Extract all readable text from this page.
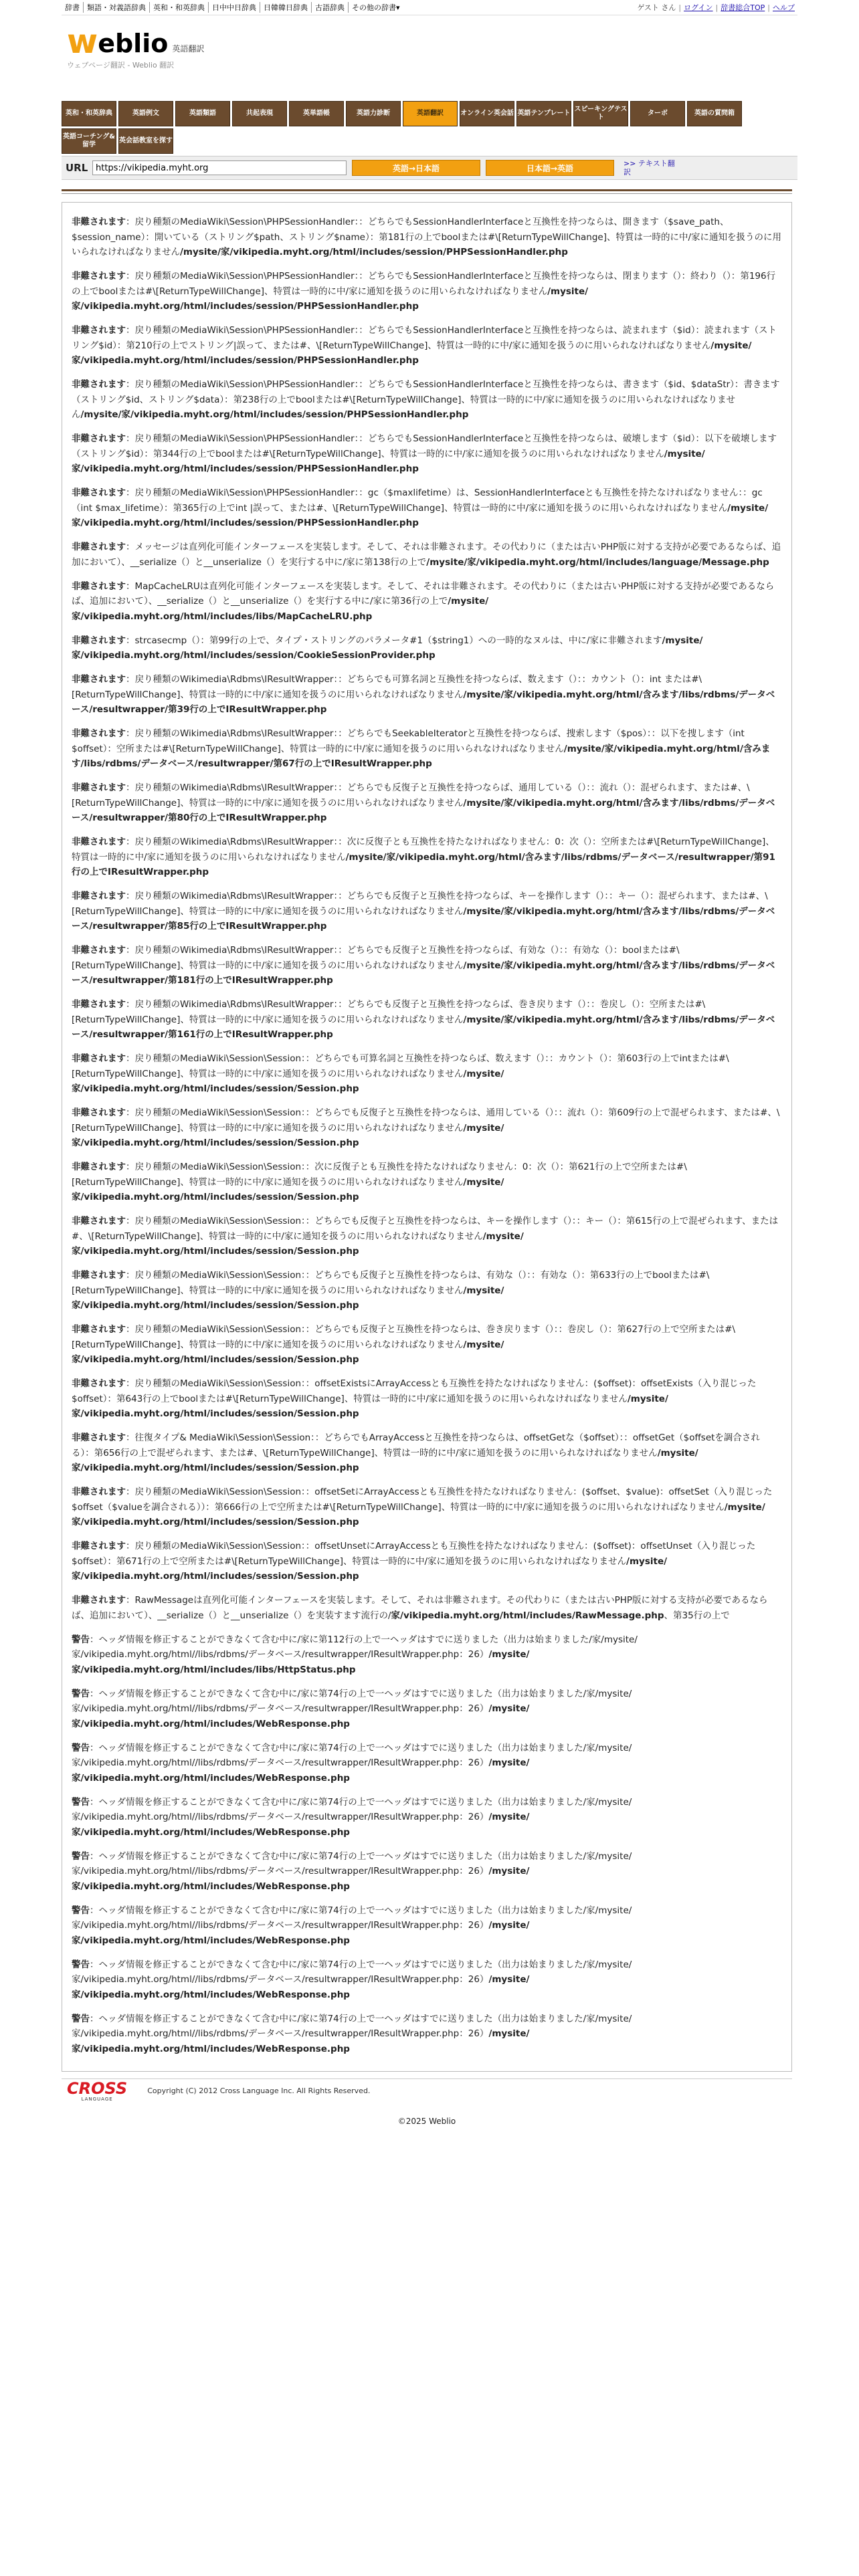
辞書	類語・対義語辞典	英和・和英辞典	日中中日辞典	日韓韓日辞典	古語辞典	その他の辞書▾	ゲスト さん | ログイン | 辞書総合TOP | ヘルプ
w eblio 英語翻訳
ウェブページ翻訳 - Weblio 翻訳
英和・和英辞典	英語例文	英語類語	共起表現	英単語帳	英語力診断	英語翻訳	オンライン英会話 英語テンプレート
スピーキングテスト
ターボ	英語の質問箱
英語コーチング&留学
英会話教室を探す
URL
https://vikipedia.myht.org	英語→日本語	日本語→英語	>> テキスト翻
訳

非難されます：戻り種類のMediaWiki\Session\PHPSessionHandler：：どちらでもSessionHandlerInterfaceと互換性を持つならは、開きます（$save_path、$session_name）：開いている（ストリング$path、ストリング$name）：第181行の上でboolまたは#\[ReturnTypeWillChange]、特質は一時的に中/家に通知を扱うのに用いられなければなりません/mysite/家/vikipedia.myht.org/html/includes/session/PHPSessionHandler.php

非難されます：戻り種類のMediaWiki\Session\PHPSessionHandler：：どちらでもSessionHandlerInterfaceと互換性を持つならは、閉まります（）：終わり（）：第196行の上でboolまたは#\[ReturnTypeWillChange]、特質は一時的に中/家に通知を扱うのに用いられなければなりません/mysite/家/vikipedia.myht.org/html/includes/session/PHPSessionHandler.php

非難されます：戻り種類のMediaWiki\Session\PHPSessionHandler：：どちらでもSessionHandlerInterfaceと互換性を持つならは、読まれます（$id）：読まれます（ストリング$id）：第210行の上でストリング|誤って、または#、\[ReturnTypeWillChange]、特質は一時的に中/家に通知を扱うのに用いられなければなりません/mysite/家/vikipedia.myht.org/html/includes/session/PHPSessionHandler.php

非難されます：戻り種類のMediaWiki\Session\PHPSessionHandler：：どちらでもSessionHandlerInterfaceと互換性を持つならは、書きます（$id、$dataStr）：書きます（ストリング$id、ストリング$data）：第238行の上でboolまたは#\[ReturnTypeWillChange]、特質は一時的に中/家に通知を扱うのに用いられなければなりません/mysite/家/vikipedia.myht.org/html/includes/session/PHPSessionHandler.php

非難されます：戻り種類のMediaWiki\Session\PHPSessionHandler：：どちらでもSessionHandlerInterfaceと互換性を持つならは、破壊します（$id）：以下を破壊します（ストリング$id）：第344行の上でboolまたは#\[ReturnTypeWillChange]、特質は一時的に中/家に通知を扱うのに用いられなければなりません/mysite/家/vikipedia.myht.org/html/includes/session/PHPSessionHandler.php

非難されます：戻り種類のMediaWiki\Session\PHPSessionHandler：：gc（$maxlifetime）は、SessionHandlerInterfaceとも互換性を持たなければなりません：：gc（int $max_lifetime）：第365行の上でint |誤って、または#、\[ReturnTypeWillChange]、特質は一時的に中/家に通知を扱うのに用いられなければなりません/mysite/家/vikipedia.myht.org/html/includes/session/PHPSessionHandler.php

非難されます：メッセージは直列化可能インターフェースを実装します。そして、それは非難されます。その代わりに（または古いPHP版に対する支持が必要であるならば、追加において）、__serialize（）と__unserialize（）を実行する中に/家に第138行の上で/mysite/家/vikipedia.myht.org/html/includes/language/Message.php

非難されます：MapCacheLRUは直列化可能インターフェースを実装します。そして、それは非難されます。その代わりに（または古いPHP版に対する支持が必要であるならば、追加において）、__serialize（）と__unserialize（）を実行する中に/家に第36行の上で/mysite/家/vikipedia.myht.org/html/includes/libs/MapCacheLRU.php

非難されます：strcasecmp（）：第99行の上で、タイプ・ストリングのパラメータ#1（$string1）への一時的なヌルは、中に/家に非難されます/mysite/家/vikipedia.myht.org/html/includes/session/CookieSessionProvider.php

非難されます：戻り種類のWikimedia\Rdbms\IResultWrapper：：どちらでも可算名詞と互換性を持つならば、数えます（）：：カウント（）：int または#\[ReturnTypeWillChange]、特質は一時的に中/家に通知を扱うのに用いられなければなりません/mysite/家/vikipedia.myht.org/html/含みます/libs/rdbms/データベース/resultwrapper/第39行の上でIResultWrapper.php

非難されます：戻り種類のWikimedia\Rdbms\IResultWrapper：：どちらでもSeekableIteratorと互換性を持つならば、捜索します（$pos）：：以下を捜します（int $offset）：空所または#\[ReturnTypeWillChange]、特質は一時的に中/家に通知を扱うのに用いられなければなりません/mysite/家/vikipedia.myht.org/html/含みます/libs/rdbms/データベース/resultwrapper/第67行の上でIResultWrapper.php

非難されます：戻り種類のWikimedia\Rdbms\IResultWrapper：：どちらでも反復子と互換性を持つならば、通用している（）：：流れ（）：混ぜられます、または#、\[ReturnTypeWillChange]、特質は一時的に中/家に通知を扱うのに用いられなければなりません/mysite/家/vikipedia.myht.org/html/含みます/libs/rdbms/データベース/resultwrapper/第80行の上でIResultWrapper.php

非難されます：戻り種類のWikimedia\Rdbms\IResultWrapper：：次に反復子とも互換性を持たなければなりません：0：次（）：空所または#\[ReturnTypeWillChange]、特質は一時的に中/家に通知を扱うのに用いられなければなりません/mysite/家/vikipedia.myht.org/html/含みます/libs/rdbms/データベース/resultwrapper/第91行の上でIResultWrapper.php

非難されます：戻り種類のWikimedia\Rdbms\IResultWrapper：：どちらでも反復子と互換性を持つならば、キーを操作します（）：：キー（）：混ぜられます、または#、\[ReturnTypeWillChange]、特質は一時的に中/家に通知を扱うのに用いられなければなりません/mysite/家/vikipedia.myht.org/html/含みます/libs/rdbms/データベース/resultwrapper/第85行の上でIResultWrapper.php

非難されます：戻り種類のWikimedia\Rdbms\IResultWrapper：：どちらでも反復子と互換性を持つならば、有効な（）：：有効な（）：boolまたは#\[ReturnTypeWillChange]、特質は一時的に中/家に通知を扱うのに用いられなければなりません/mysite/家/vikipedia.myht.org/html/含みます/libs/rdbms/データベース/resultwrapper/第181行の上でIResultWrapper.php

非難されます：戻り種類のWikimedia\Rdbms\IResultWrapper：：どちらでも反復子と互換性を持つならば、巻き戻ります（）：：巻戻し（）：空所または#\[ReturnTypeWillChange]、特質は一時的に中/家に通知を扱うのに用いられなければなりません/mysite/家/vikipedia.myht.org/html/含みます/libs/rdbms/データベース/resultwrapper/第161行の上でIResultWrapper.php

非難されます：戻り種類のMediaWiki\Session\Session：：どちらでも可算名詞と互換性を持つならば、数えます（）：：カウント（）：第603行の上でintまたは#\[ReturnTypeWillChange]、特質は一時的に中/家に通知を扱うのに用いられなければなりません/mysite/家/vikipedia.myht.org/html/includes/session/Session.php

非難されます：戻り種類のMediaWiki\Session\Session：：どちらでも反復子と互換性を持つならは、通用している（）：：流れ（）：第609行の上で混ぜられます、または#、\[ReturnTypeWillChange]、特質は一時的に中/家に通知を扱うのに用いられなければなりません/mysite/家/vikipedia.myht.org/html/includes/session/Session.php

非難されます：戻り種類のMediaWiki\Session\Session：：次に反復子とも互換性を持たなければなりません：0：次（）：第621行の上で空所または#\[ReturnTypeWillChange]、特質は一時的に中/家に通知を扱うのに用いられなければなりません/mysite/家/vikipedia.myht.org/html/includes/session/Session.php

非難されます：戻り種類のMediaWiki\Session\Session：：どちらでも反復子と互換性を持つならは、キーを操作します（）：：キー（）：第615行の上で混ぜられます、または#、\[ReturnTypeWillChange]、特質は一時的に中/家に通知を扱うのに用いられなければなりません/mysite/家/vikipedia.myht.org/html/includes/session/Session.php

非難されます：戻り種類のMediaWiki\Session\Session：：どちらでも反復子と互換性を持つならは、有効な（）：：有効な（）：第633行の上でboolまたは#\[ReturnTypeWillChange]、特質は一時的に中/家に通知を扱うのに用いられなければなりません/mysite/家/vikipedia.myht.org/html/includes/session/Session.php

非難されます：戻り種類のMediaWiki\Session\Session：：どちらでも反復子と互換性を持つならは、巻き戻ります（）：：巻戻し（）：第627行の上で空所または#\[ReturnTypeWillChange]、特質は一時的に中/家に通知を扱うのに用いられなければなりません/mysite/家/vikipedia.myht.org/html/includes/session/Session.php

非難されます：戻り種類のMediaWiki\Session\Session：：offsetExistsにArrayAccessとも互換性を持たなければなりません：($offset)：offsetExists（入り混じった$offset）：第643行の上でboolまたは#\[ReturnTypeWillChange]、特質は一時的に中/家に通知を扱うのに用いられなければなりません/mysite/家/vikipedia.myht.org/html/includes/session/Session.php

非難されます：往復タイプ& MediaWiki\Session\Session：：どちらでもArrayAccessと互換性を持つならは、offsetGetな（$offset）：：offsetGet（$offsetを調合される）：第656行の上で混ぜられます、または#、\[ReturnTypeWillChange]、特質は一時的に中/家に通知を扱うのに用いられなければなりません/mysite/家/vikipedia.myht.org/html/includes/session/Session.php

非難されます：戻り種類のMediaWiki\Session\Session：：offsetSetにArrayAccessとも互換性を持たなければなりません：($offset、$value)：offsetSet（入り混じった$offset（$valueを調合される））：第666行の上で空所または#\[ReturnTypeWillChange]、特質は一時的に中/家に通知を扱うのに用いられなければなりません/mysite/家/vikipedia.myht.org/html/includes/session/Session.php

非難されます：戻り種類のMediaWiki\Session\Session：：offsetUnsetにArrayAccessとも互換性を持たなければなりません：($offset)：offsetUnset（入り混じった$offset）：第671行の上で空所または#\[ReturnTypeWillChange]、特質は一時的に中/家に通知を扱うのに用いられなければなりません/mysite/家/vikipedia.myht.org/html/includes/session/Session.php

非難されます：RawMessageは直列化可能インターフェースを実装します。そして、それは非難されます。その代わりに（または古いPHP版に対する支持が必要であるならば、追加において）、__serialize（）と__unserialize（）を実装すます流行の/家/vikipedia.myht.org/html/includes/RawMessage.php、第35行の上で

警告：ヘッダ情報を修正することができなくて含む中に/家に第112行の上で一ヘッダはすでに送りました（出力は始まりました/家/mysite/家/vikipedia.myht.org/html//libs/rdbms/データベース/resultwrapper/IResultWrapper.php：26）/mysite/家/vikipedia.myht.org/html/includes/libs/HttpStatus.php

警告：ヘッダ情報を修正することができなくて含む中に/家に第74行の上で一ヘッダはすでに送りました（出力は始まりました/家/mysite/家/vikipedia.myht.org/html//libs/rdbms/データベース/resultwrapper/IResultWrapper.php：26）/mysite/家/vikipedia.myht.org/html/includes/WebResponse.php

警告：ヘッダ情報を修正することができなくて含む中に/家に第74行の上で一ヘッダはすでに送りました（出力は始まりました/家/mysite/家/vikipedia.myht.org/html//libs/rdbms/データベース/resultwrapper/IResultWrapper.php：26）/mysite/家/vikipedia.myht.org/html/includes/WebResponse.php

警告：ヘッダ情報を修正することができなくて含む中に/家に第74行の上で一ヘッダはすでに送りました（出力は始まりました/家/mysite/家/vikipedia.myht.org/html//libs/rdbms/データベース/resultwrapper/IResultWrapper.php：26）/mysite/家/vikipedia.myht.org/html/includes/WebResponse.php

警告：ヘッダ情報を修正することができなくて含む中に/家に第74行の上で一ヘッダはすでに送りました（出力は始まりました/家/mysite/家/vikipedia.myht.org/html//libs/rdbms/データベース/resultwrapper/IResultWrapper.php：26）/mysite/家/vikipedia.myht.org/html/includes/WebResponse.php

警告：ヘッダ情報を修正することができなくて含む中に/家に第74行の上で一ヘッダはすでに送りました（出力は始まりました/家/mysite/家/vikipedia.myht.org/html//libs/rdbms/データベース/resultwrapper/IResultWrapper.php：26）/mysite/家/vikipedia.myht.org/html/includes/WebResponse.php

警告：ヘッダ情報を修正することができなくて含む中に/家に第74行の上で一ヘッダはすでに送りました（出力は始まりました/家/mysite/家/vikipedia.myht.org/html//libs/rdbms/データベース/resultwrapper/IResultWrapper.php：26）/mysite/家/vikipedia.myht.org/html/includes/WebResponse.php

警告：ヘッダ情報を修正することができなくて含む中に/家に第74行の上で一ヘッダはすでに送りました（出力は始まりました/家/mysite/家/vikipedia.myht.org/html//libs/rdbms/データベース/resultwrapper/IResultWrapper.php：26）/mysite/家/vikipedia.myht.org/html/includes/WebResponse.php

CROSS
LANGUAGE
Copyright (C) 2012 Cross Language Inc. All Rights Reserved.
©2025 Weblio
